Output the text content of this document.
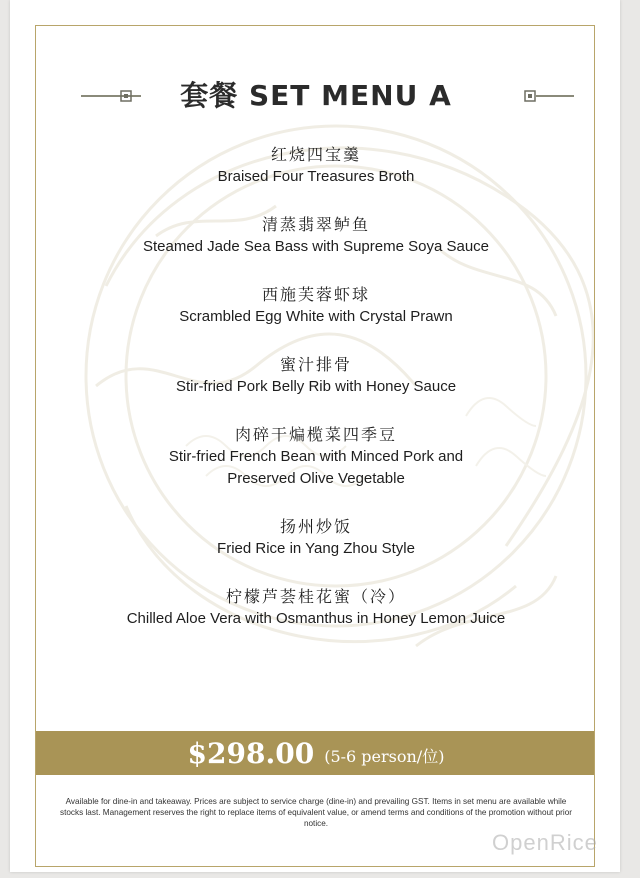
套餐 SET MENU A
红烧四宝羹
Braised Four Treasures Broth
清蒸翡翠鲈鱼
Steamed Jade Sea Bass with Supreme Soya Sauce
西施芙蓉虾球
Scrambled Egg White with Crystal Prawn
蜜汁排骨
Stir-fried Pork Belly Rib with Honey Sauce
肉碎干煸榄菜四季豆
Stir-fried French Bean with Minced Pork and
Preserved Olive Vegetable
扬州炒饭
Fried Rice in Yang Zhou Style
柠檬芦荟桂花蜜（冷）
Chilled Aloe Vera with Osmanthus in Honey Lemon Juice
$298.00 (5-6 person/位)
Available for dine-in and takeaway. Prices are subject to service charge (dine-in) and prevailing GST. Items in set menu are available while stocks last. Management reserves the right to replace items of equivalent value, or amend terms and conditions of the promotion without prior notice.
OpenRice
